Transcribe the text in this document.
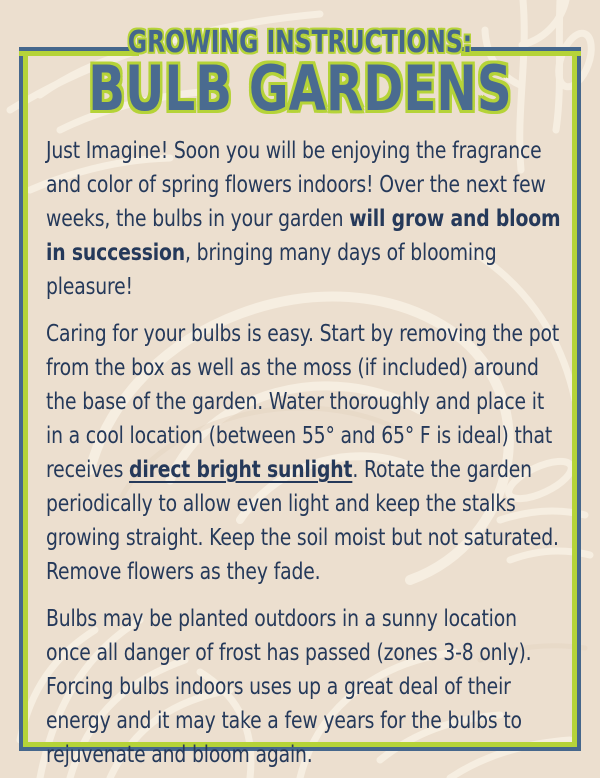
GROWING INSTRUCTIONS:
BULB GARDENS

Just Imagine! Soon you will be enjoying the fragrance and color of spring flowers indoors! Over the next few weeks, the bulbs in your garden will grow and bloom in succession, bringing many days of blooming pleasure!

Caring for your bulbs is easy. Start by removing the pot from the box as well as the moss (if included) around the base of the garden. Water thoroughly and place it in a cool location (between 55° and 65° F is ideal) that receives direct bright sunlight. Rotate the garden periodically to allow even light and keep the stalks growing straight. Keep the soil moist but not saturated. Remove flowers as they fade.

Bulbs may be planted outdoors in a sunny location once all danger of frost has passed (zones 3-8 only). Forcing bulbs indoors uses up a great deal of their energy and it may take a few years for the bulbs to rejuvenate and bloom again.
